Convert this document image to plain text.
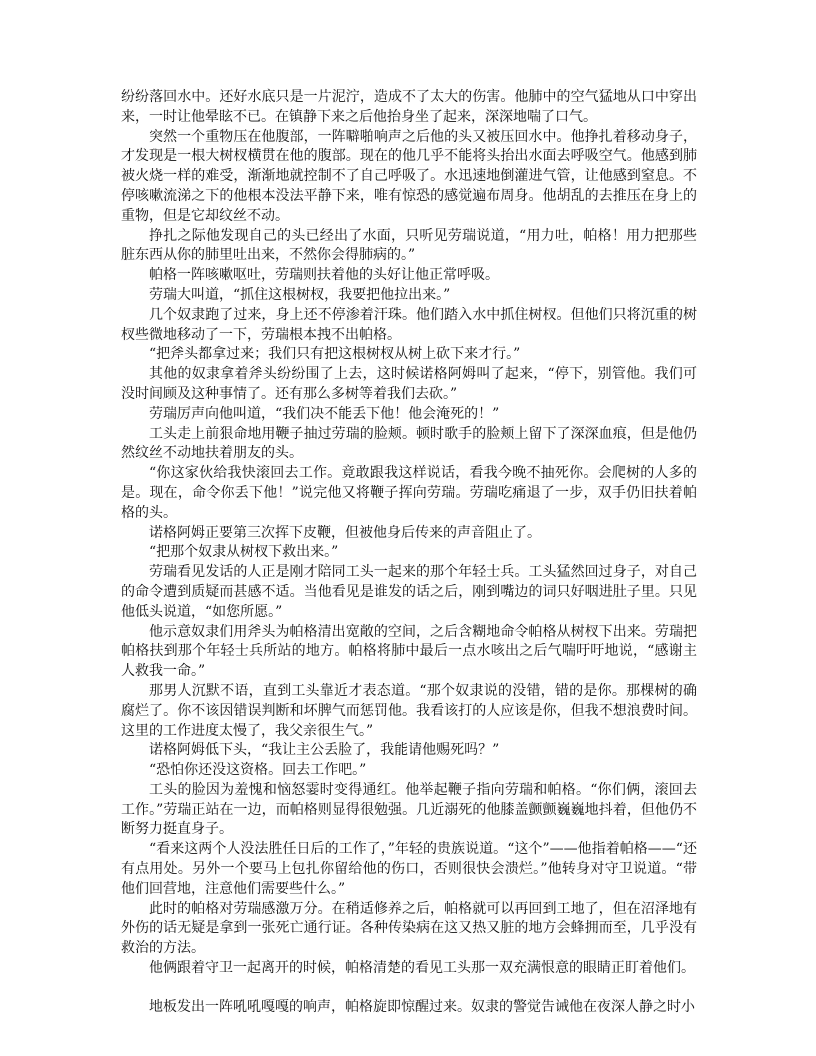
纷纷落回水中。还好水底只是一片泥泞，造成不了太大的伤害。他肺中的空气猛地从口中穿出来，一时让他晕眩不已。在镇静下来之后他抬身坐了起来，深深地喘了口气。

突然一个重物压在他腹部，一阵噼啪响声之后他的头又被压回水中。他挣扎着移动身子，才发现是一根大树杈横贯在他的腹部。现在的他几乎不能将头抬出水面去呼吸空气。他感到肺被火烧一样的难受，渐渐地就控制不了自己呼吸了。水迅速地倒灌进气管，让他感到窒息。不停咳嗽流涕之下的他根本没法平静下来，唯有惊恐的感觉遍布周身。他胡乱的去推压在身上的重物，但是它却纹丝不动。

挣扎之际他发现自己的头已经出了水面，只听见劳瑞说道，“用力吐，帕格！用力把那些脏东西从你的肺里吐出来，不然你会得肺病的。”

帕格一阵咳嗽呕吐，劳瑞则扶着他的头好让他正常呼吸。

劳瑞大叫道，“抓住这根树杈，我要把他拉出来。”

几个奴隶跑了过来，身上还不停渗着汗珠。他们踏入水中抓住树杈。但他们只将沉重的树杈些微地移动了一下，劳瑞根本拽不出帕格。

“把斧头都拿过来；我们只有把这根树杈从树上砍下来才行。”

其他的奴隶拿着斧头纷纷围了上去，这时候诺格阿姆叫了起来，“停下，别管他。我们可没时间顾及这种事情了。还有那么多树等着我们去砍。”

劳瑞厉声向他叫道，“我们决不能丢下他！他会淹死的！”

工头走上前狠命地用鞭子抽过劳瑞的脸颊。顿时歌手的脸颊上留下了深深血痕，但是他仍然纹丝不动地扶着朋友的头。

“你这家伙给我快滚回去工作。竟敢跟我这样说话，看我今晚不抽死你。会爬树的人多的是。现在，命令你丢下他！”说完他又将鞭子挥向劳瑞。劳瑞吃痛退了一步，双手仍旧扶着帕格的头。

诺格阿姆正要第三次挥下皮鞭，但被他身后传来的声音阻止了。

“把那个奴隶从树杈下救出来。”

劳瑞看见发话的人正是刚才陪同工头一起来的那个年轻士兵。工头猛然回过身子，对自己的命令遭到质疑而甚感不适。当他看见是谁发的话之后，刚到嘴边的词只好咽进肚子里。只见他低头说道，“如您所愿。”

他示意奴隶们用斧头为帕格清出宽敞的空间，之后含糊地命令帕格从树杈下出来。劳瑞把帕格扶到那个年轻士兵所站的地方。帕格将肺中最后一点水咳出之后气喘吁吁地说，“感谢主人救我一命。”

那男人沉默不语，直到工头靠近才表态道。“那个奴隶说的没错，错的是你。那棵树的确腐烂了。你不该因错误判断和坏脾气而惩罚他。我看该打的人应该是你，但我不想浪费时间。这里的工作进度太慢了，我父亲很生气。”

诺格阿姆低下头，“我让主公丢脸了，我能请他赐死吗？”

“恐怕你还没这资格。回去工作吧。”

工头的脸因为羞愧和恼怒霎时变得通红。他举起鞭子指向劳瑞和帕格。“你们俩，滚回去工作。”劳瑞正站在一边，而帕格则显得很勉强。几近溺死的他膝盖颤颤巍巍地抖着，但他仍不断努力挺直身子。

“看来这两个人没法胜任日后的工作了，”年轻的贵族说道。“这个”——他指着帕格——“还有点用处。另外一个要马上包扎你留给他的伤口，否则很快会溃烂。”他转身对守卫说道。“带他们回营地，注意他们需要些什么。”

此时的帕格对劳瑞感激万分。在稍适修养之后，帕格就可以再回到工地了，但在沼泽地有外伤的话无疑是拿到一张死亡通行证。各种传染病在这又热又脏的地方会蜂拥而至，几乎没有救治的方法。

他俩跟着守卫一起离开的时候，帕格清楚的看见工头那一双充满恨意的眼睛正盯着他们。

地板发出一阵吼吼嘎嘎的响声，帕格旋即惊醒过来。奴隶的警觉告诫他在夜深人静之时小
